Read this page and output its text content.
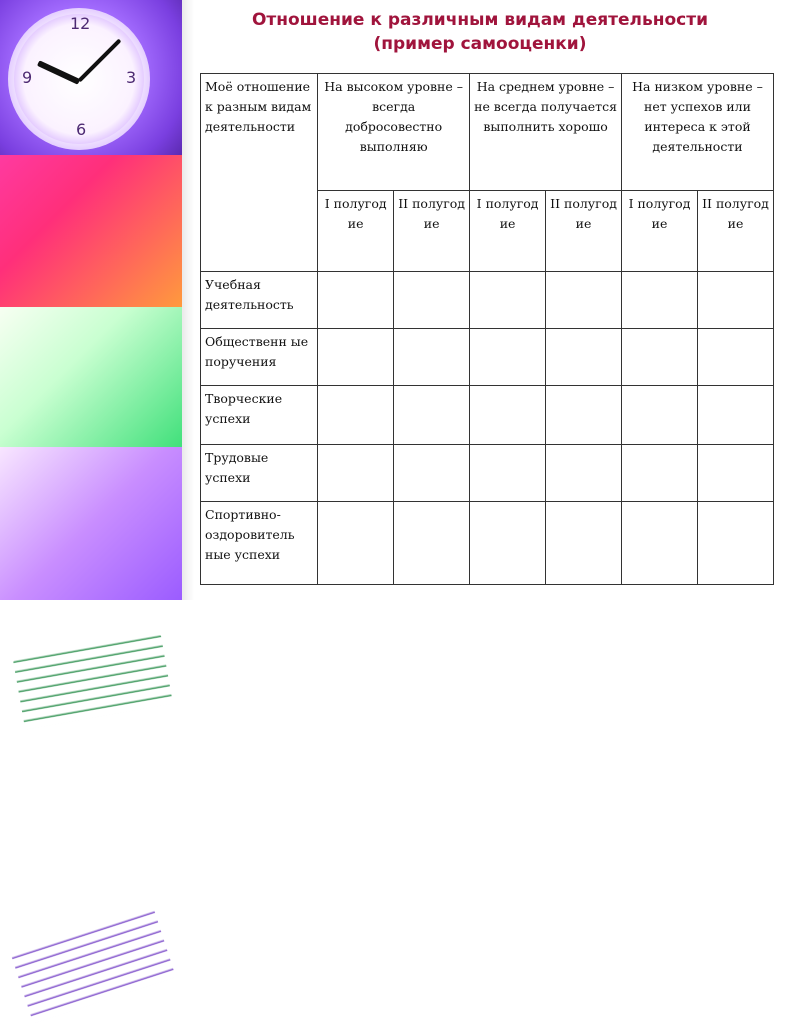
12
3
6
9
Отношение к различным видам деятельности
(пример самооценки)
Моё отношение к разным видам деятельности	На высоком уровне – всегда добросовестно выполняю		На среднем уровне – не всегда получается выполнить хорошо		На низком уровне – нет успехов или интереса к этой деятельности	
	I полугод ие	II полугод ие	I полугод ие	II полугод ие	I полугод ие	II полугод ие
Учебная деятельность						
Общественн ые поручения						
Творческие успехи						
Трудовые успехи						
Спортивно-оздоровитель ные успехи						
